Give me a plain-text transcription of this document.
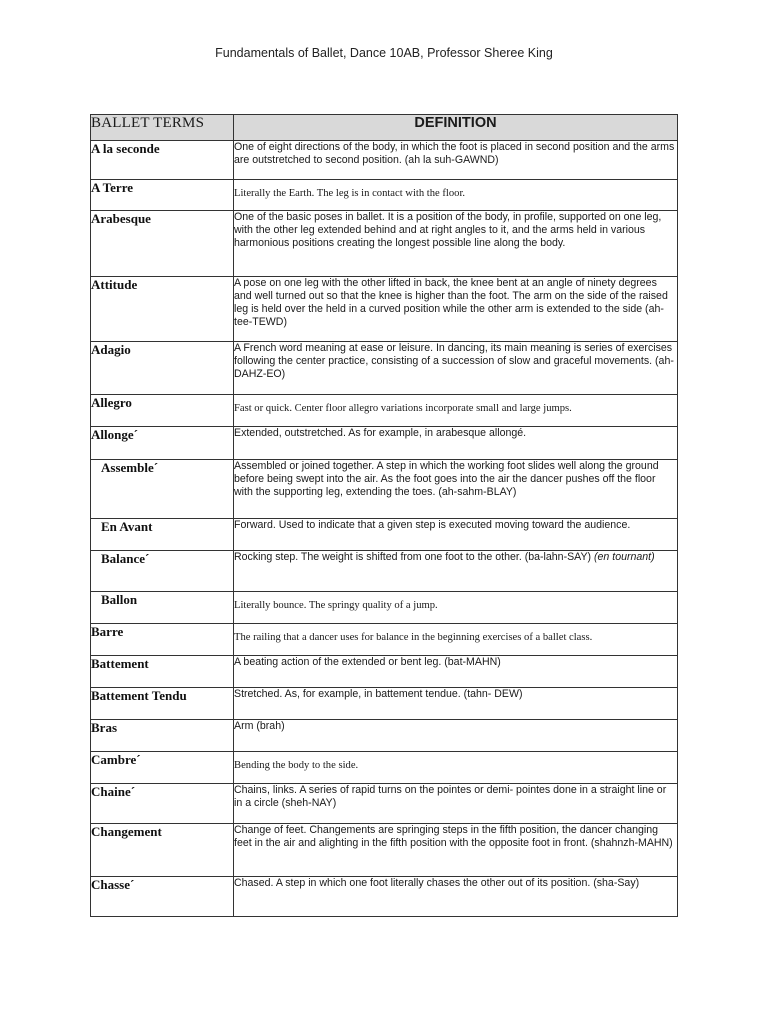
Fundamentals of Ballet, Dance 10AB, Professor Sheree King
BALLET TERMS	DEFINITION
A la seconde	One of eight directions of the body, in which the foot is placed in second position and the arms are outstretched to second position. (ah la suh-GAWND)
A Terre	Literally the Earth. The leg is in contact with the floor.
Arabesque	One of the basic poses in ballet. It is a position of the body, in profile, supported on one leg, with the other leg extended behind and at right angles to it, and the arms held in various harmonious positions creating the longest possible line along the body.
Attitude	A pose on one leg with the other lifted in back, the knee bent at an angle of ninety degrees and well turned out so that the knee is higher than the foot. The arm on the side of the raised leg is held over the held in a curved position while the other arm is extended to the side (ah-tee-TEWD)
Adagio	A French word meaning at ease or leisure. In dancing, its main meaning is series of exercises following the center practice, consisting of a succession of slow and graceful movements. (ah-DAHZ-EO)
Allegro	Fast or quick. Center floor allegro variations incorporate small and large jumps.
Allonge´	Extended, outstretched. As for example, in arabesque allongé.
Assemble´	Assembled or joined together. A step in which the working foot slides well along the ground before being swept into the air. As the foot goes into the air the dancer pushes off the floor with the supporting leg, extending the toes. (ah-sahm-BLAY)
En Avant	Forward. Used to indicate that a given step is executed moving toward the audience.
Balance´	Rocking step. The weight is shifted from one foot to the other. (ba-lahn-SAY) (en tournant)
Ballon	Literally bounce. The springy quality of a jump.
Barre	The railing that a dancer uses for balance in the beginning exercises of a ballet class.
Battement	A beating action of the extended or bent leg. (bat-MAHN)
Battement Tendu	Stretched. As, for example, in battement tendue. (tahn- DEW)
Bras	Arm (brah)
Cambre´	Bending the body to the side.
Chaine´	Chains, links. A series of rapid turns on the pointes or demi- pointes done in a straight line or in a circle (sheh-NAY)
Changement	Change of feet. Changements are springing steps in the fifth position, the dancer changing feet in the air and alighting in the fifth position with the opposite foot in front. (shahnzh-MAHN)
Chasse´	Chased. A step in which one foot literally chases the other out of its position. (sha-Say)
